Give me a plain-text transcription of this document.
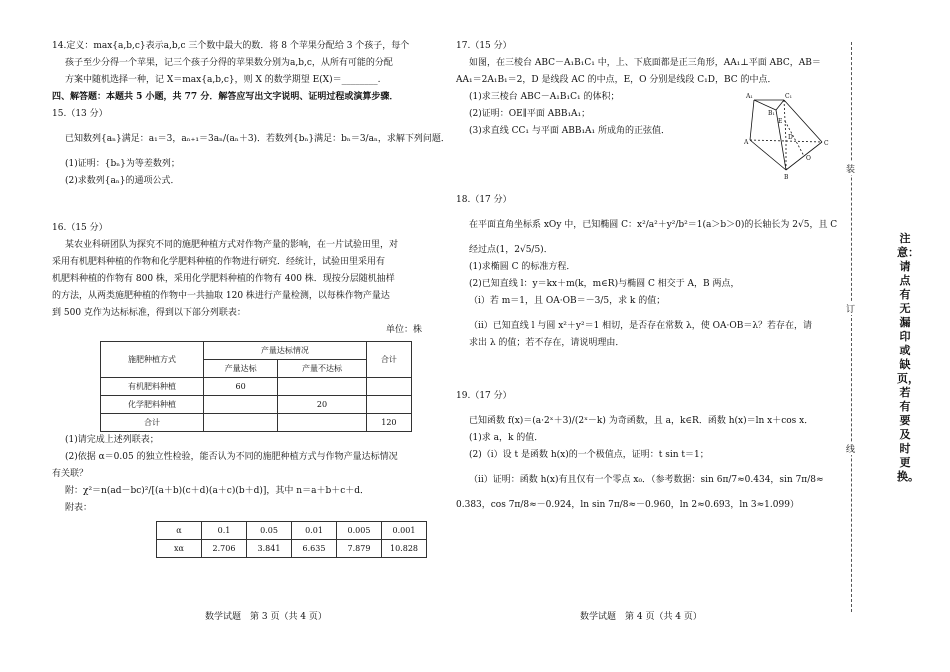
14.定义：max{a,b,c}表示a,b,c 三个数中最大的数．将 8 个苹果分配给 3 个孩子，每个

孩子至少分得一个苹果，记三个孩子分得的苹果数分别为a,b,c，从所有可能的分配

方案中随机选择一种，记 X＝max{a,b,c}，则 X 的数学期望 E(X)＝________.

四、解答题：本题共 5 小题，共 77 分．解答应写出文字说明、证明过程或演算步骤．

15.（13 分）

已知数列{aₙ}满足：a₁＝3，aₙ₊₁＝3aₙ/(aₙ＋3)．若数列{bₙ}满足：bₙ＝3/aₙ，求解下列问题．

(1)证明：{bₙ}为等差数列；

(2)求数列{aₙ}的通项公式．

16.（15 分）

某农业科研团队为探究不同的施肥种植方式对作物产量的影响，在一片试验田里，对

采用有机肥料种植的作物和化学肥料种植的作物进行研究．经统计，试验田里采用有

机肥料种植的作物有 800 株，采用化学肥料种植的作物有 400 株．现按分层随机抽样

的方法，从两类施肥种植的作物中一共抽取 120 株进行产量检测，以每株作物产量达

到 500 克作为达标标准，得到以下部分列联表：

单位：株

施肥种植方式	产量达标情况		合计
	产量达标	产量不达标	
有机肥料种植	60		
化学肥料种植		20	
合计			120

(1)请完成上述列联表；

(2)依据 α＝0.05 的独立性检验，能否认为不同的施肥种植方式与作物产量达标情况

有关联？

附：χ²＝n(ad－bc)²/[(a＋b)(c＋d)(a＋c)(b＋d)]，其中 n＝a＋b＋c＋d．

附表：

α	0.1	0.05	0.01	0.005	0.001
xα	2.706	3.841	6.635	7.879	10.828
数学试题　第 3 页（共 4 页）

17.（15 分）

如图，在三棱台 ABC－A₁B₁C₁ 中，上、下底面都是正三角形，AA₁⊥平面 ABC，AB＝

AA₁＝2A₁B₁＝2，D 是线段 AC 的中点，E，O 分别是线段 C₁D，BC 的中点．

(1)求三棱台 ABC－A₁B₁C₁ 的体积；

(2)证明：OE∥平面 ABB₁A₁；

(3)求直线 CC₁ 与平面 ABB₁A₁ 所成角的正弦值．

18.（17 分）

在平面直角坐标系 xOy 中，已知椭圆 C：x²/a²＋y²/b²＝1(a＞b＞0)的长轴长为 2√5，且 C

经过点(1，2√5/5)．

(1)求椭圆 C 的标准方程．

(2)已知直线 l：y＝kx＋m(k，m∈R)与椭圆 C 相交于 A，B 两点，

（i）若 m＝1，且 OA·OB＝－3/5，求 k 的值；

（ii）已知直线 l 与圆 x²＋y²＝1 相切，是否存在常数 λ，使 OA·OB＝λ？若存在，请

求出 λ 的值；若不存在，请说明理由．

19.（17 分）

已知函数 f(x)＝(a·2ˣ＋3)/(2ˣ－k) 为奇函数，且 a，k∈R．函数 h(x)＝ln x＋cos x．

(1)求 a，k 的值．

(2)（i）设 t 是函数 h(x)的一个极值点，证明：t sin t＝1；

（ii）证明：函数 h(x)有且仅有一个零点 x₀．（参考数据：sin 6π/7≈0.434，sin 7π/8≈

0.383，cos 7π/8≈－0.924，ln sin 7π/8≈－0.960，ln 2≈0.693，ln 3≈1.099）

数学试题　第 4 页（共 4 页）
A₁	C₁
B₁
E
A
D
C
O
B
装
订
线
注意：请点有无漏印或缺页，若有要及时更换。
